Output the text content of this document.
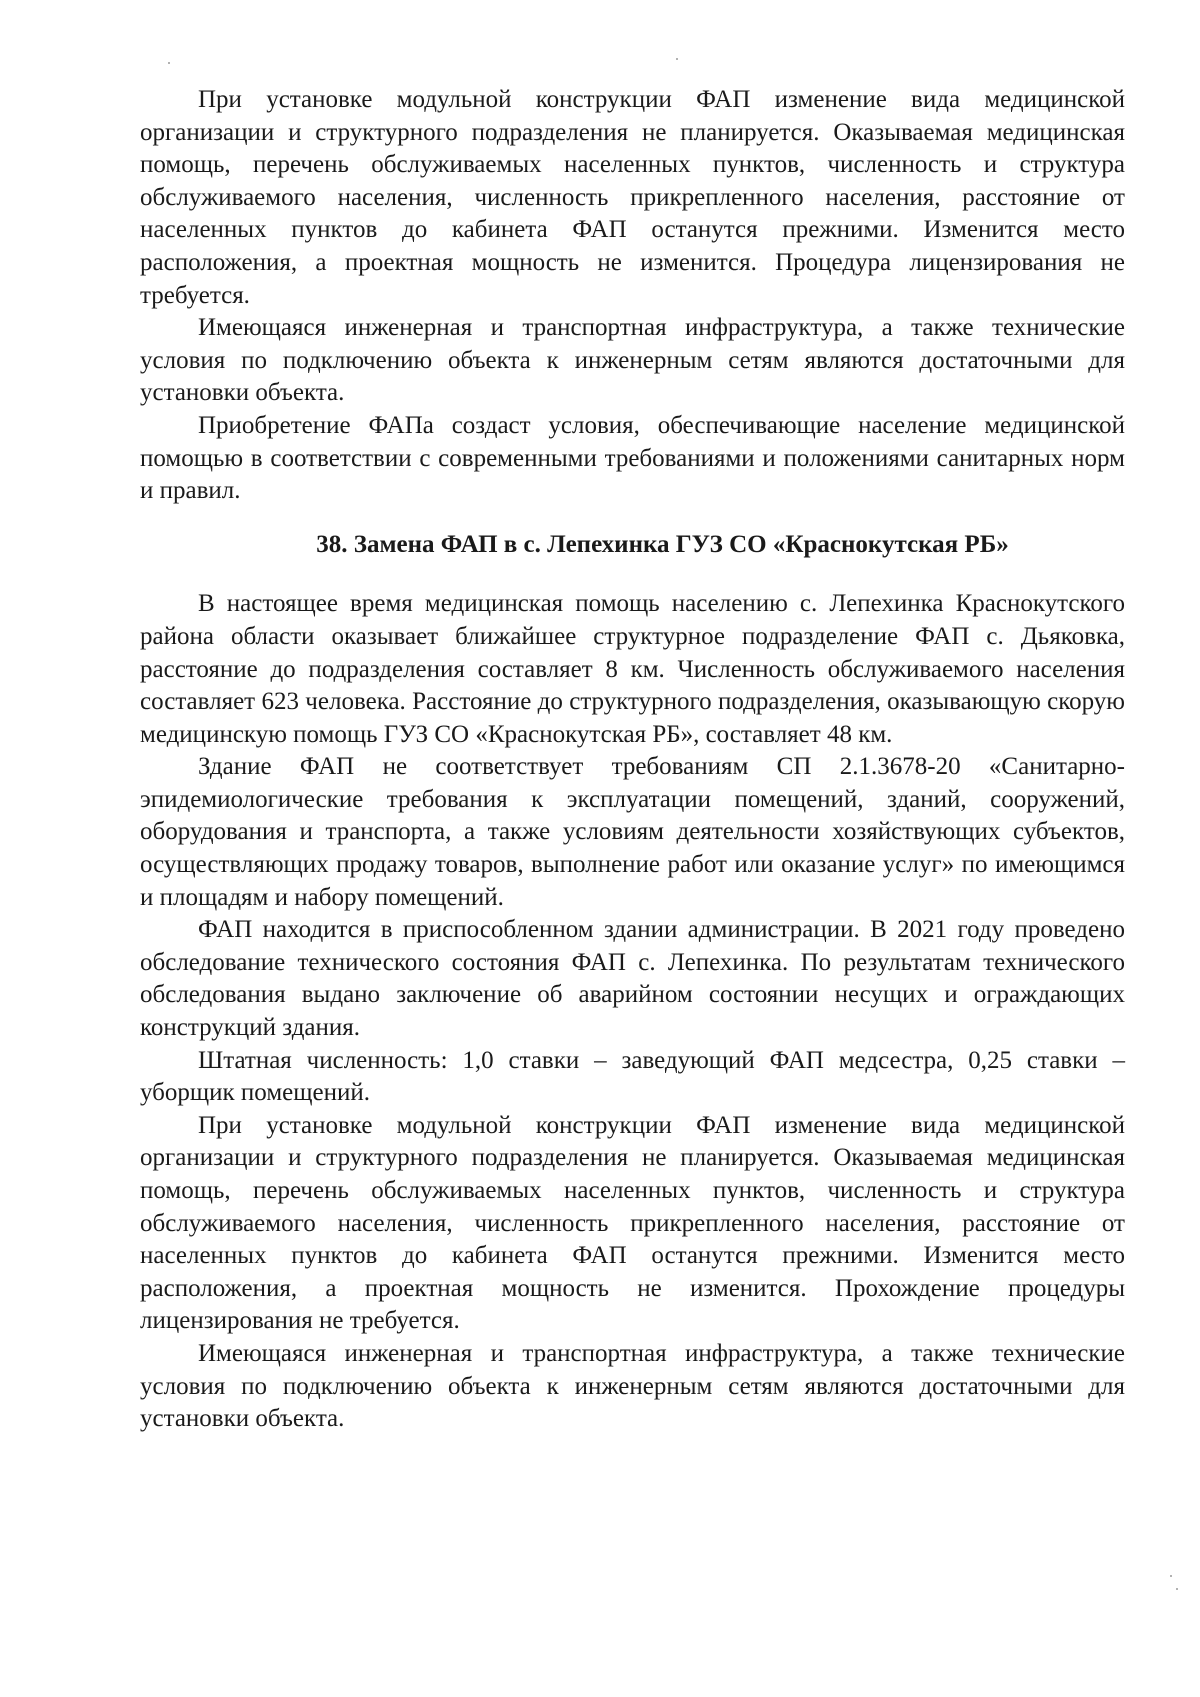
При установке модульной конструкции ФАП изменение вида медицинской организации и структурного подразделения не планируется. Оказываемая медицинская помощь, перечень обслуживаемых населенных пунктов, численность и структура обслуживаемого населения, численность прикрепленного населения, расстояние от населенных пунктов до кабинета ФАП останутся прежними. Изменится место расположения, а проектная мощность не изменится. Процедура лицензирования не требуется.

Имеющаяся инженерная и транспортная инфраструктура, а также технические условия по подключению объекта к инженерным сетям являются достаточными для установки объекта.

Приобретение ФАПа создаст условия, обеспечивающие население медицинской помощью в соответствии с современными требованиями и положениями санитарных норм и правил.

38. Замена ФАП в с. Лепехинка ГУЗ СО «Краснокутская РБ»

В настоящее время медицинская помощь населению с. Лепехинка Краснокутского района области оказывает ближайшее структурное подразделение ФАП с. Дьяковка, расстояние до подразделения составляет 8 км. Численность обслуживаемого населения составляет 623 человека. Расстояние до структурного подразделения, оказывающую скорую медицинскую помощь ГУЗ СО «Краснокутская РБ», составляет 48 км.

Здание ФАП не соответствует требованиям СП 2.1.3678-20 «Санитарно-эпидемиологические требования к эксплуатации помещений, зданий, сооружений, оборудования и транспорта, а также условиям деятельности хозяйствующих субъектов, осуществляющих продажу товаров, выполнение работ или оказание услуг» по имеющимся и площадям и набору помещений.

ФАП находится в приспособленном здании администрации. В 2021 году проведено обследование технического состояния ФАП с. Лепехинка. По результатам технического обследования выдано заключение об аварийном состоянии несущих и ограждающих конструкций здания.

Штатная численность: 1,0 ставки – заведующий ФАП медсестра, 0,25 ставки – уборщик помещений.

При установке модульной конструкции ФАП изменение вида медицинской организации и структурного подразделения не планируется. Оказываемая медицинская помощь, перечень обслуживаемых населенных пунктов, численность и структура обслуживаемого населения, численность прикрепленного населения, расстояние от населенных пунктов до кабинета ФАП останутся прежними. Изменится место расположения, а проектная мощность не изменится. Прохождение процедуры лицензирования не требуется.

Имеющаяся инженерная и транспортная инфраструктура, а также технические условия по подключению объекта к инженерным сетям являются достаточными для установки объекта.
